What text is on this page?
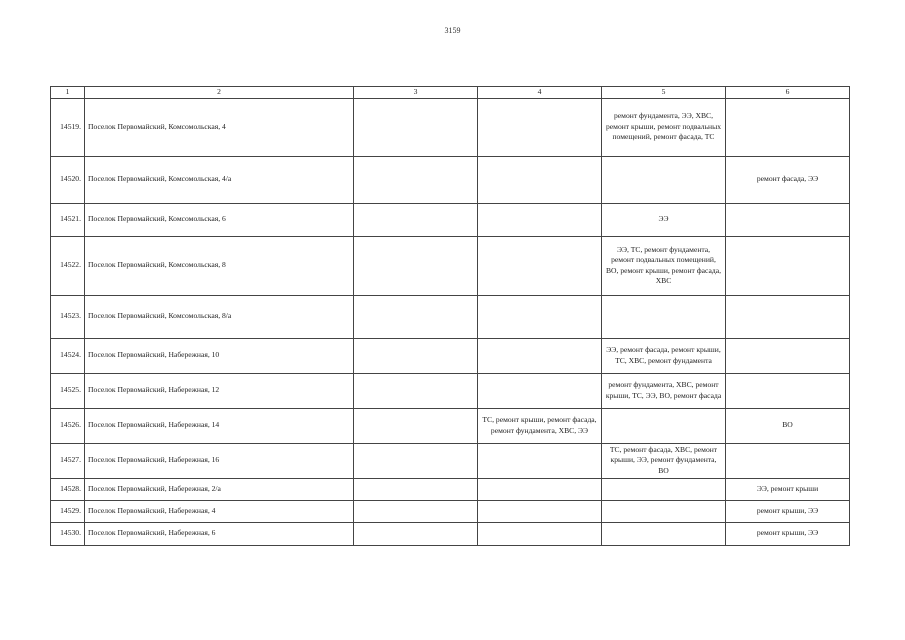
3159
1	2	3	4	5	6
14519.	Поселок Первомайский, Комсомольская, 4			ремонт фундамента, ЭЭ, ХВС, ремонт крыши, ремонт подвальных помещений, ремонт фасада, ТС	
14520.	Поселок Первомайский, Комсомольская, 4/а				ремонт фасада, ЭЭ
14521.	Поселок Первомайский, Комсомольская, 6			ЭЭ	
14522.	Поселок Первомайский, Комсомольская, 8			ЭЭ, ТС, ремонт фундамента, ремонт подвальных помещений, ВО, ремонт крыши, ремонт фасада, ХВС	
14523.	Поселок Первомайский, Комсомольская, 8/а				
14524.	Поселок Первомайский, Набережная, 10			ЭЭ, ремонт фасада, ремонт крыши, ТС, ХВС, ремонт фундамента	
14525.	Поселок Первомайский, Набережная, 12			ремонт фундамента, ХВС, ремонт крыши, ТС, ЭЭ, ВО, ремонт фасада	
14526.	Поселок Первомайский, Набережная, 14		ТС, ремонт крыши, ремонт фасада, ремонт фундамента, ХВС, ЭЭ		ВО
14527.	Поселок Первомайский, Набережная, 16			ТС, ремонт фасада, ХВС, ремонт крыши, ЭЭ, ремонт фундамента, ВО	
14528.	Поселок Первомайский, Набережная, 2/а				ЭЭ, ремонт крыши
14529.	Поселок Первомайский, Набережная, 4				ремонт крыши, ЭЭ
14530.	Поселок Первомайский, Набережная, 6				ремонт крыши, ЭЭ
